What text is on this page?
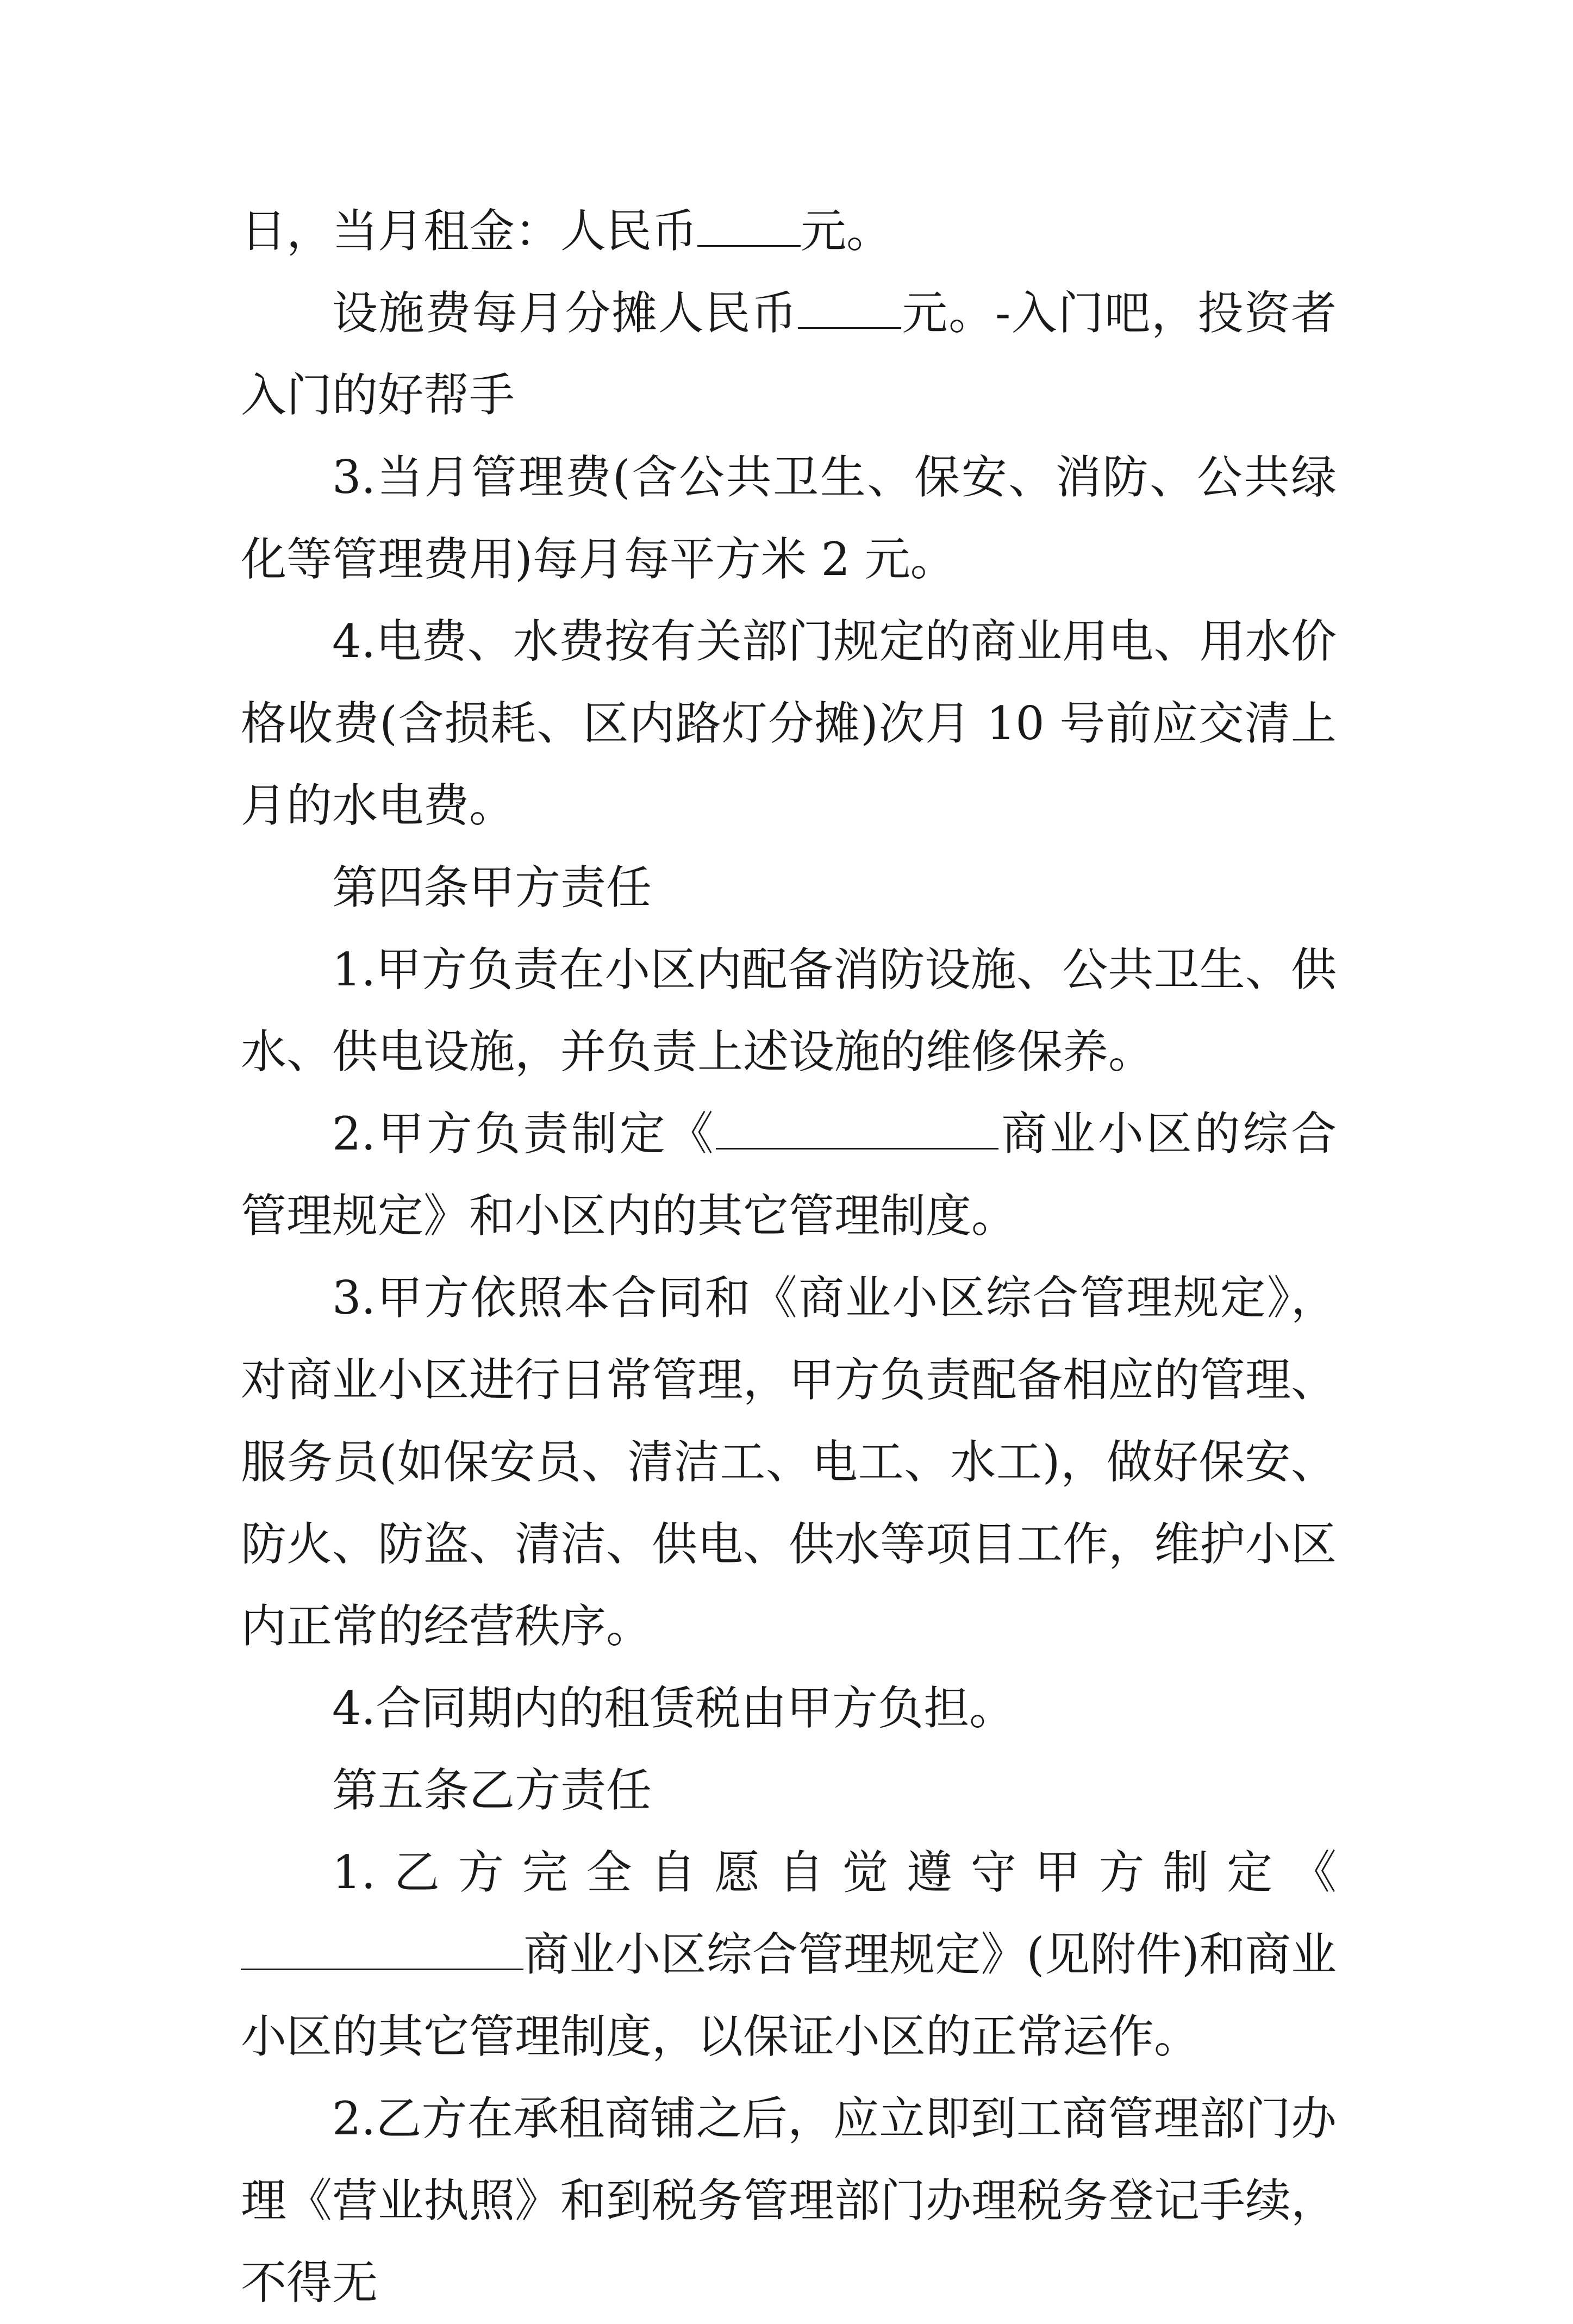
日，当月租金：人民币 元。

设施费每月分摊人民币 元。-入门吧，投资者入门的好帮手

3.当月管理费(含公共卫生、保安、消防、公共绿化等管理费用)每月每平方米 2 元。

4.电费、水费按有关部门规定的商业用电、用水价格收费(含损耗、区内路灯分摊)次月 10 号前应交清上月的水电费。

第四条甲方责任

1.甲方负责在小区内配备消防设施、公共卫生、供水、供电设施，并负责上述设施的维修保养。

2.甲方负责制定《	商业小区的综合管理规定》和小区内的其它管理制度。

3.甲方依照本合同和《商业小区综合管理规定》，对商业小区进行日常管理，甲方负责配备相应的管理、服务员(如保安员、清洁工、电工、水工)，做好保安、防火、防盗、清洁、供电、供水等项目工作，维护小区内正常的经营秩序。

4.合同期内的租赁税由甲方负担。

第五条乙方责任

1.乙方完全自愿自觉遵守甲方制定《商业小区综合管理规定》(见附件)和商业小区的其它管理制度，以保证小区的正常运作。

2.乙方在承租商铺之后，应立即到工商管理部门办理《营业执照》和到税务管理部门办理税务登记手续，不得无
